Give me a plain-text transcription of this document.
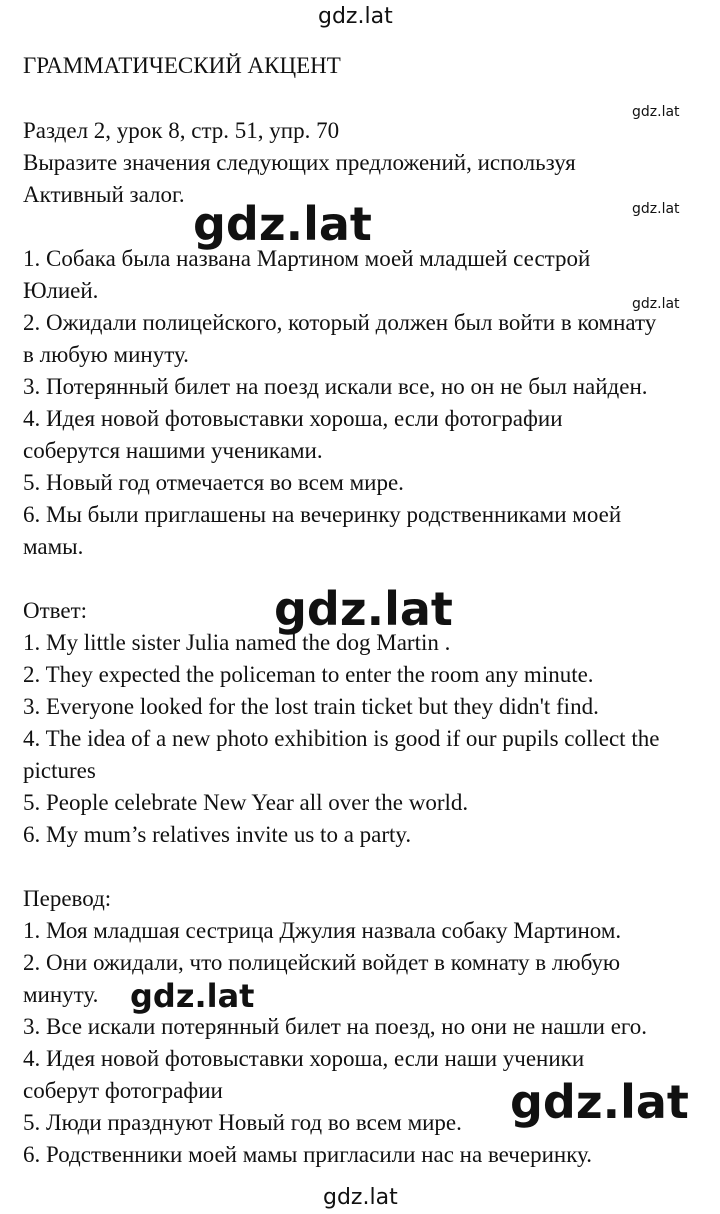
gdz.lat
gdz.lat
gdz.lat
gdz.lat
gdz.lat
gdz.lat
gdz.lat
gdz.lat
gdz.lat
ГРАММАТИЧЕСКИЙ АКЦЕНТ
Раздел 2, урок 8, стр. 51, упр. 70
Выразите значения следующих предложений, используя
Активный залог.
1. Собака была названа Мартином моей младшей сестрой
Юлией.
2. Ожидали полицейского, который должен был войти в комнату
в любую минуту.
3. Потерянный билет на поезд искали все, но он не был найден.
4. Идея новой фотовыставки хороша, если фотографии
соберутся нашими учениками.
5. Новый год отмечается во всем мире.
6. Мы были приглашены на вечеринку родственниками моей
мамы.
Ответ:
1. My little sister Julia named the dog Martin .
2. They expected the policeman to enter the room any minute.
3. Everyone looked for the lost train ticket but they didn't find.
4. The idea of a new photo exhibition is good if our pupils collect the
pictures
5. People celebrate New Year all over the world.
6. My mum’s relatives invite us to a party.
Перевод:
1. Моя младшая сестрица Джулия назвала собаку Мартином.
2. Они ожидали, что полицейский войдет в комнату в любую
минуту.
3. Все искали потерянный билет на поезд, но они не нашли его.
4. Идея новой фотовыставки хороша, если наши ученики
соберут фотографии
5. Люди празднуют Новый год во всем мире.
6. Родственники моей мамы пригласили нас на вечеринку.
